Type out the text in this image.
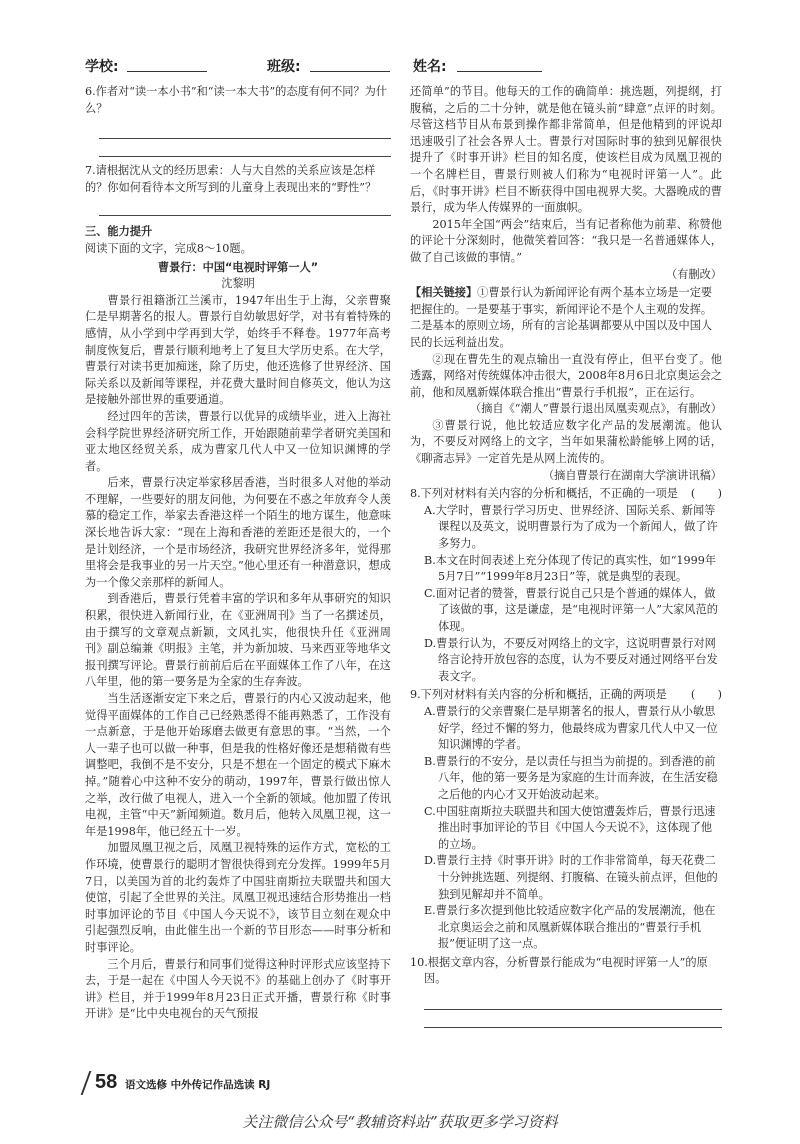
学校:	班级:	姓名:
6.作者对“读一本小书”和“读一本大书”的态度有何不同？为什么？
7.请根据沈从文的经历思索：人与大自然的关系应该是怎样的？你如何看待本文所写到的儿童身上表现出来的“野性”？
三、能力提升
阅读下面的文字，完成8～10题。
曹景行：中国“电视时评第一人”
沈黎明

曹景行祖籍浙江兰溪市，1947年出生于上海，父亲曹聚仁是早期著名的报人。曹景行自幼敏思好学，对书有着特殊的感情，从小学到中学再到大学，始终手不释卷。1977年高考制度恢复后，曹景行顺利地考上了复旦大学历史系。在大学，曹景行对读书更加痴迷，除了历史，他还选修了世界经济、国际关系以及新闻等课程，并花费大量时间自修英文，他认为这是接触外部世界的重要通道。

经过四年的苦读，曹景行以优异的成绩毕业，进入上海社会科学院世界经济研究所工作，开始跟随前辈学者研究美国和亚太地区经贸关系，成为曹家几代人中又一位知识渊博的学者。

后来，曹景行决定举家移居香港，当时很多人对他的举动不理解，一些要好的朋友问他，为何要在不惑之年放弃令人羡慕的稳定工作，举家去香港这样一个陌生的地方谋生，他意味深长地告诉大家：“现在上海和香港的差距还是很大的，一个是计划经济，一个是市场经济，我研究世界经济多年，觉得那里将会是我事业的另一片天空。”他心里还有一种潜意识，想成为一个像父亲那样的新闻人。

到香港后，曹景行凭着丰富的学识和多年从事研究的知识积累，很快进入新闻行业，在《亚洲周刊》当了一名撰述员，由于撰写的文章观点新颖，文风扎实，他很快升任《亚洲周刊》副总编兼《明报》主笔，并为新加坡、马来西亚等地华文报刊撰写评论。曹景行前前后后在平面媒体工作了八年，在这八年里，他的第一要务是为全家的生存奔波。

当生活逐渐安定下来之后，曹景行的内心又波动起来，他觉得平面媒体的工作自己已经熟悉得不能再熟悉了，工作没有一点新意，于是他开始琢磨去做更有意思的事。“当然，一个人一辈子也可以做一种事，但是我的性格好像还是想稍微有些调整吧，我倒不是不安分，只是不想在一个固定的模式下麻木掉。”随着心中这种不安分的萌动，1997年，曹景行做出惊人之举，改行做了电视人，进入一个全新的领域。他加盟了传讯电视，主管“中天”新闻频道。数月后，他转入凤凰卫视，这一年是1998年，他已经五十一岁。

加盟凤凰卫视之后，凤凰卫视特殊的运作方式，宽松的工作环境，使曹景行的聪明才智很快得到充分发挥。1999年5月7日，以美国为首的北约轰炸了中国驻南斯拉夫联盟共和国大使馆，引起了全世界的关注。凤凰卫视迅速结合形势推出一档时事加评论的节目《中国人今天说不》，该节目立刻在观众中引起强烈反响，由此催生出一个新的节目形态——时事分析和时事评论。

三个月后，曹景行和同事们觉得这种时评形式应该坚持下去，于是一起在《中国人今天说不》的基础上创办了《时事开讲》栏目，并于1999年8月23日正式开播，曹景行称《时事开讲》是“比中央电视台的天气预报

还简单”的节目。他每天的工作的确简单：挑选题，列提纲，打腹稿，之后的二十分钟，就是他在镜头前“肆意”点评的时刻。尽管这档节目从布景到操作都非常简单，但是他精到的评说却迅速吸引了社会各界人士。曹景行对国际时事的独到见解很快提升了《时事开讲》栏目的知名度，使该栏目成为凤凰卫视的一个名牌栏目，曹景行则被人们称为“电视时评第一人”。此后，《时事开讲》栏目不断获得中国电视界大奖。大器晚成的曹景行，成为华人传媒界的一面旗帜。

2015年全国“两会”结束后，当有记者称他为前辈、称赞他的评论十分深刻时，他微笑着回答：“我只是一名普通媒体人，做了自己该做的事情。”

（有删改）
【相关链接】①曹景行认为新闻评论有两个基本立场是一定要把握住的。一是要基于事实，新闻评论不是个人主观的发挥。二是基本的原则立场，所有的言论基调都要从中国以及中国人民的长远利益出发。

②现在曹先生的观点输出一直没有停止，但平台变了。他透露，网络对传统媒体冲击很大，2008年8月6日北京奥运会之前，他和凤凰新媒体联合推出“曹景行手机报”，正在运行。

（摘自《“潮人”曹景行退出凤凰卖观点》，有删改）

③曹景行说，他比较适应数字化产品的发展潮流。他认为，不要反对网络上的文字，当年如果蒲松龄能够上网的话，《聊斋志异》一定首先是从网上流传的。

（摘自曹景行在湖南大学演讲讯稿）
8.下列对材料有关内容的分析和概括，不正确的一项是 (　　)
A.大学时，曹景行学习历史、世界经济、国际关系、新闻等课程以及英文，说明曹景行为了成为一个新闻人，做了许多努力。
B.本文在时间表述上充分体现了传记的真实性，如“1999年5月7日”“1999年8月23日”等，就是典型的表现。
C.面对记者的赞誉，曹景行说自己只是个普通的媒体人，做了该做的事，这是谦虚，是“电视时评第一人”大家风范的体现。
D.曹景行认为，不要反对网络上的文字，这说明曹景行对网络言论持开放包容的态度，认为不要反对通过网络平台发表文字。
9.下列对材料有关内容的分析和概括，正确的两项是 (　　)
A.曹景行的父亲曹聚仁是早期著名的报人，曹景行从小敏思好学，经过不懈的努力，他最终成为曹家几代人中又一位知识渊博的学者。
B.曹景行的不安分，是以责任与担当为前提的。到香港的前八年，他的第一要务是为家庭的生计而奔波，在生活安稳之后他的内心才又开始波动起来。
C.中国驻南斯拉夫联盟共和国大使馆遭轰炸后，曹景行迅速推出时事加评论的节目《中国人今天说不》，这体现了他的立场。
D.曹景行主持《时事开讲》时的工作非常简单，每天花费二十分钟挑选题、列提纲、打腹稿、在镜头前点评，但他的独到见解却并不简单。
E.曹景行多次提到他比较适应数字化产品的发展潮流，他在北京奥运会之前和凤凰新媒体联合推出的“曹景行手机报”便证明了这一点。
10.根据文章内容，分析曹景行能成为“电视时评第一人”的原因。
58 语文选修 中外传记作品选读 RJ
关注微信公众号“教辅资料站”获取更多学习资料
